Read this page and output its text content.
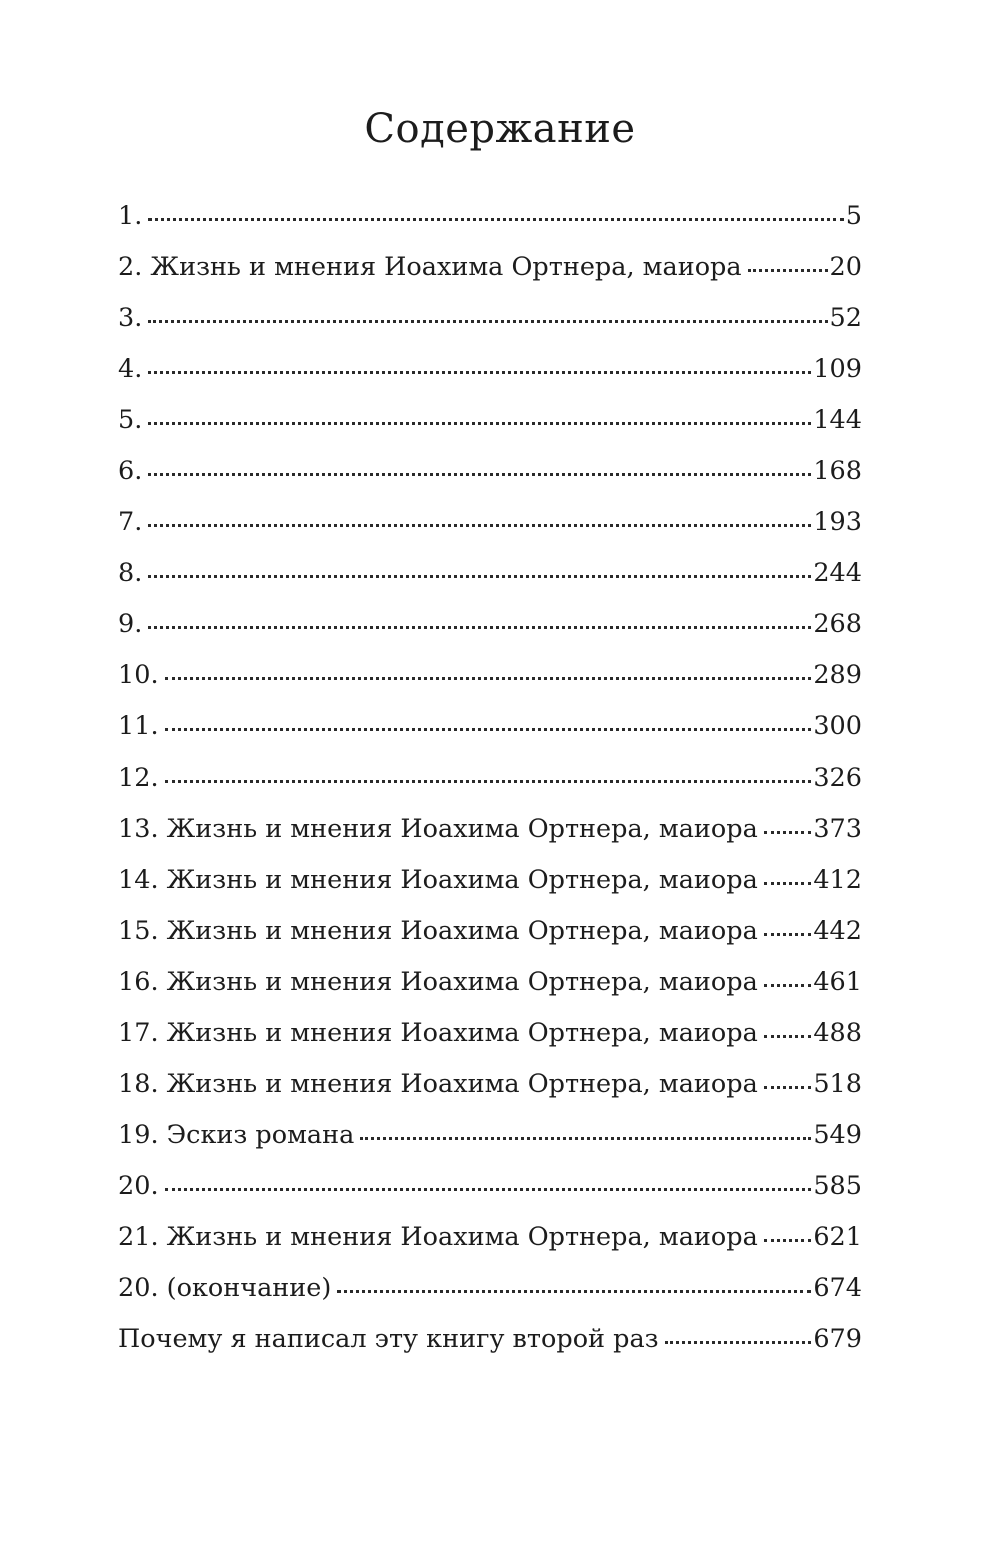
Содержание
1.	5
2. Жизнь и мнения Иоахима Ортнера, маиора	20
3.	52
4.	109
5.	144
6.	168
7.	193
8.	244
9.	268
10.	289
11.	300
12.	326
13. Жизнь и мнения Иоахима Ортнера, маиора 373
14. Жизнь и мнения Иоахима Ортнера, маиора 412
15. Жизнь и мнения Иоахима Ортнера, маиора 442
16. Жизнь и мнения Иоахима Ортнера, маиора 461
17. Жизнь и мнения Иоахима Ортнера, маиора 488
18. Жизнь и мнения Иоахима Ортнера, маиора 518
19. Эскиз романа	549
20.	585
21. Жизнь и мнения Иоахима Ортнера, маиора 621
20. (окончание)	674
Почему я написал эту книгу второй раз	679
